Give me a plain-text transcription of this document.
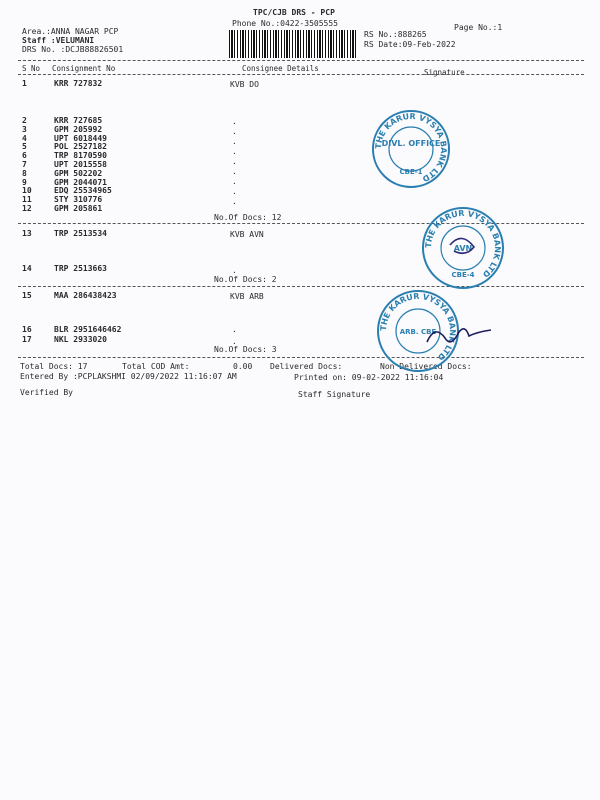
TPC/CJB DRS - PCP
Phone No.:0422-3505555	Page No.:1
Area.:ANNA NAGAR PCP
Staff :VELUMANI
DRS No. :DCJB88826501
RS No.:888265
RS Date:09-Feb-2022
S No Consignment No	Consignee Details	Signature
1	KRR 727832	KVB DO
2	KRR 727685
3	GPM 205992
4	UPT 6018449
5	POL 2527182
6	TRP 8170590
7	UPT 2015558
8	GPM 502202
9	GPM 2044071
10	EDQ 25534965
11	STY 310776
12	GPM 205861
No.Of Docs: 12
13	TRP 2513534	KVB AVN
14	TRP 2513663
No.Of Docs: 2
15	MAA 286438423	KVB ARB
16	BLR 2951646462
17	NKL 2933020
No.Of Docs: 3
.
.
.
.
.
.
.
.
.
.
.
.
Total Docs: 17	Total COD Amt:	0.00 Delivered Docs:	Non Delivered Docs:
Entered By :PCPLAKSHMI 02/09/2022 11:16:07 AM	Printed on: 09-02-2022 11:16:04
Verified By	Staff Signature
THE KARUR VYSYA BANK LTD
DIVL. OFFICE
CBE-1
THE KARUR VYSYA BANK LTD
AVN
CBE-4
THE KARUR VYSYA BANK LTD
ARB. CBE
